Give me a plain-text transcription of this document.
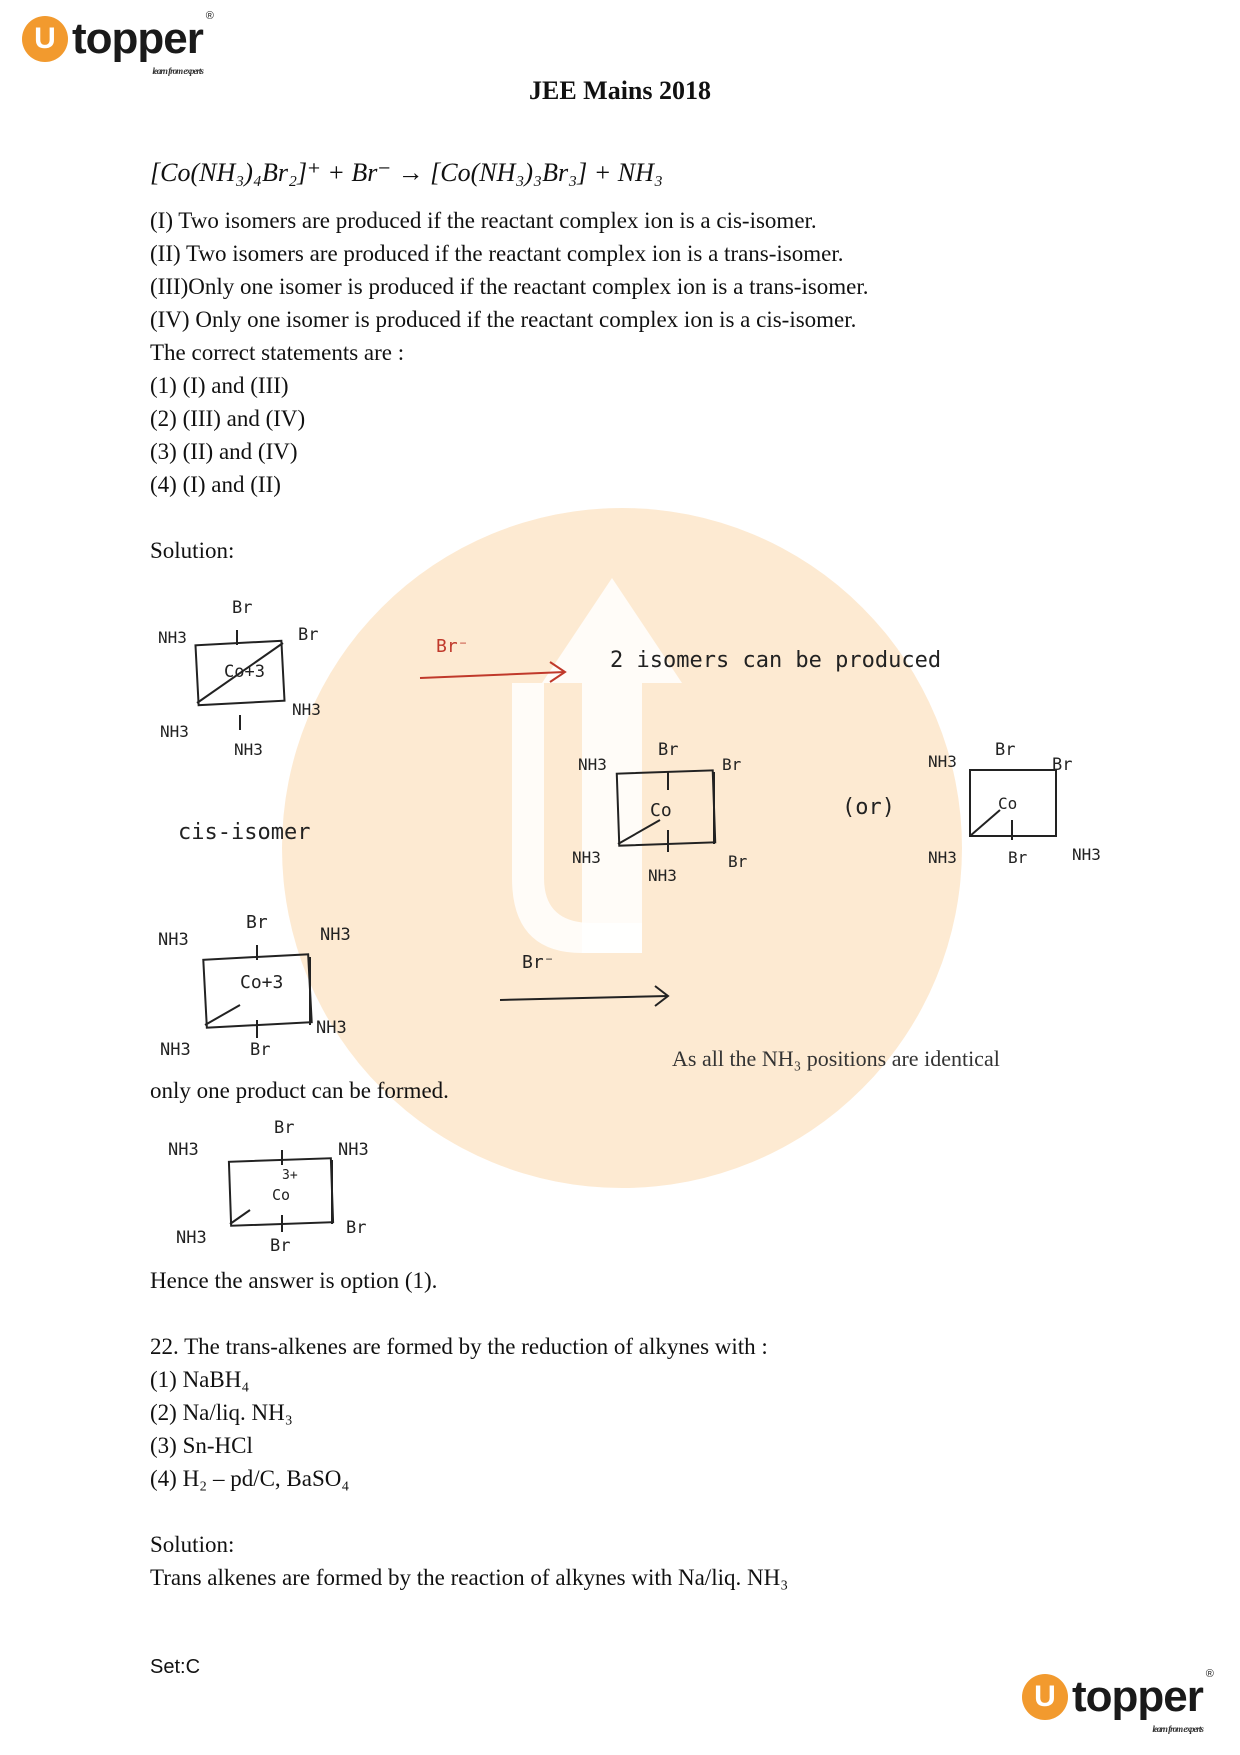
U topper ®
learn from experts
JEE Mains 2018
[Co(NH₃)₄Br₂]⁺ + Br⁻ → [Co(NH₃)₃Br₃] + NH₃
(I) Two isomers are produced if the reactant complex ion is a cis-isomer.
(II) Two isomers are produced if the reactant complex ion is a trans-isomer.
(III)Only one isomer is produced if the reactant complex ion is a trans-isomer.
(IV) Only one isomer is produced if the reactant complex ion is a cis-isomer.
The correct statements are :
(1) (I) and (III)
(2) (III) and (IV)
(3) (II) and (IV)
(4) (I) and (II)
Solution:
Br
NH3	Br
Co+3
NH3
NH3
NH3
cis-isomer
Br⁻
2 isomers can be produced
NH3
Br
Br
Co
NH3
NH3
Br
(or)
NH3
Br
Br
Co
NH3	Br	NH3
NH3
Br
NH3
Co+3
NH3
NH3	Br
Br⁻
As all the NH₃ positions are identical
only one product can be formed.
Br
NH3	NH3
3+
Co
NH3	Br
Br
Hence the answer is option (1).
22. The trans-alkenes are formed by the reduction of alkynes with :
(1) NaBH₄
(2) Na/liq. NH₃
(3) Sn-HCl
(4) H₂ – pd/C, BaSO₄
Solution:
Trans alkenes are formed by the reaction of alkynes with Na/liq. NH₃
Set:C
U topper ®
learn from experts
